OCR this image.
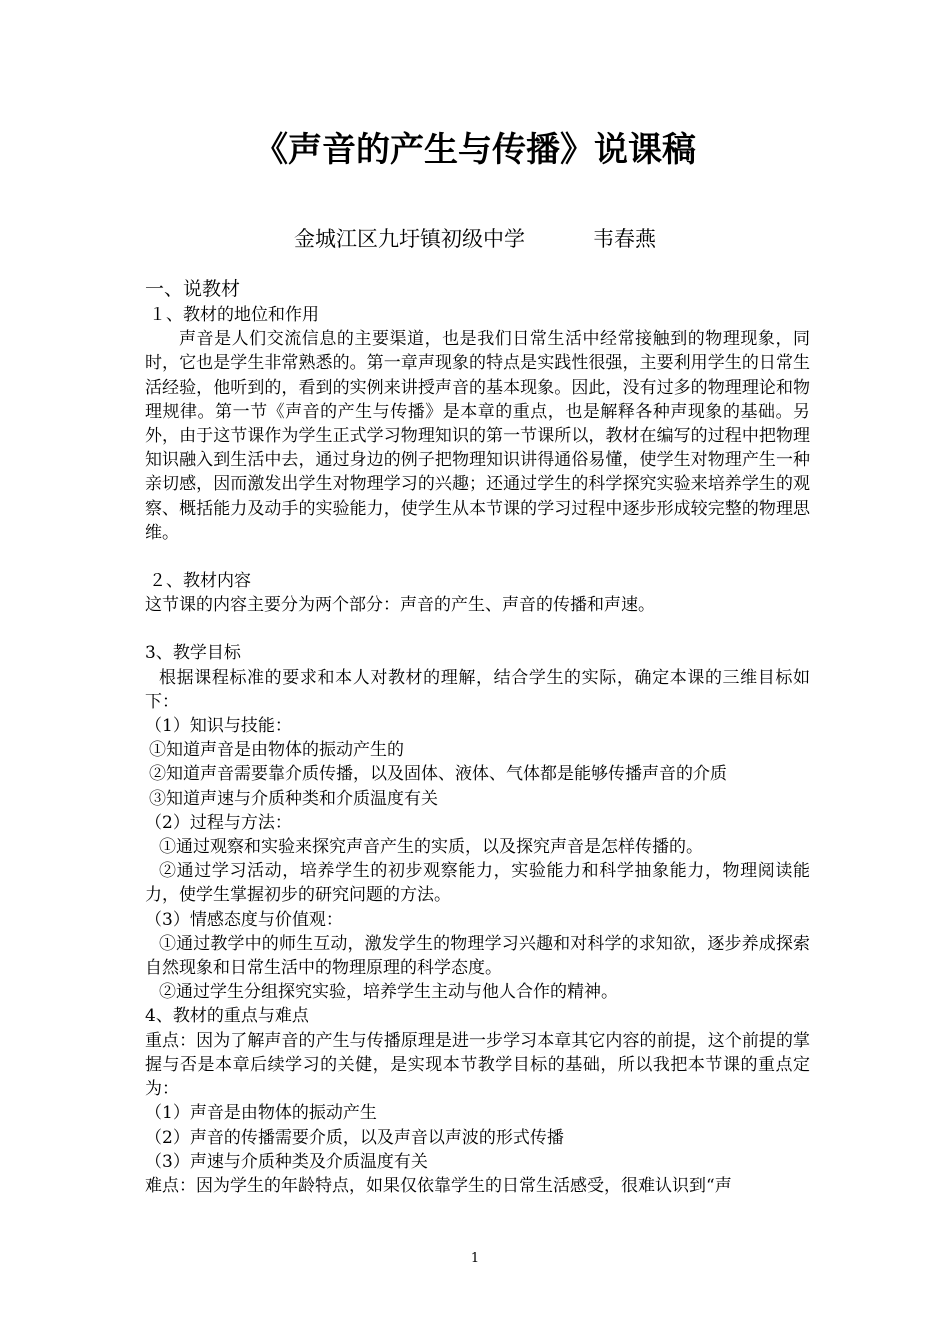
《声音的产生与传播》说课稿

金城江区九圩镇初级中学	韦春燕

一、说教材

１、教材的地位和作用

声音是人们交流信息的主要渠道，也是我们日常生活中经常接触到的物理现象，同时，它也是学生非常熟悉的。第一章声现象的特点是实践性很强，主要利用学生的日常生活经验，他听到的，看到的实例来讲授声音的基本现象。因此，没有过多的物理理论和物理规律。第一节《声音的产生与传播》是本章的重点，也是解释各种声现象的基础。另外，由于这节课作为学生正式学习物理知识的第一节课所以，教材在编写的过程中把物理知识融入到生活中去，通过身边的例子把物理知识讲得通俗易懂，使学生对物理产生一种亲切感，因而激发出学生对物理学习的兴趣；还通过学生的科学探究实验来培养学生的观察、概括能力及动手的实验能力，使学生从本节课的学习过程中逐步形成较完整的物理思维。

２、教材内容

这节课的内容主要分为两个部分：声音的产生、声音的传播和声速。

3、教学目标

根据课程标准的要求和本人对教材的理解，结合学生的实际，确定本课的三维目标如下：

（1）知识与技能：

①知道声音是由物体的振动产生的

②知道声音需要靠介质传播，以及固体、液体、气体都是能够传播声音的介质

③知道声速与介质种类和介质温度有关

（2）过程与方法：

①通过观察和实验来探究声音产生的实质，以及探究声音是怎样传播的。

②通过学习活动，培养学生的初步观察能力，实验能力和科学抽象能力，物理阅读能力，使学生掌握初步的研究问题的方法。

（3）情感态度与价值观：

①通过教学中的师生互动，激发学生的物理学习兴趣和对科学的求知欲，逐步养成探索自然现象和日常生活中的物理原理的科学态度。

②通过学生分组探究实验，培养学生主动与他人合作的精神。

4、教材的重点与难点

重点：因为了解声音的产生与传播原理是进一步学习本章其它内容的前提，这个前提的掌握与否是本章后续学习的关健，是实现本节教学目标的基础，所以我把本节课的重点定为：

（1）声音是由物体的振动产生

（2）声音的传播需要介质，以及声音以声波的形式传播

（3）声速与介质种类及介质温度有关

难点：因为学生的年龄特点，如果仅依靠学生的日常生活感受，很难认识到“声

1
